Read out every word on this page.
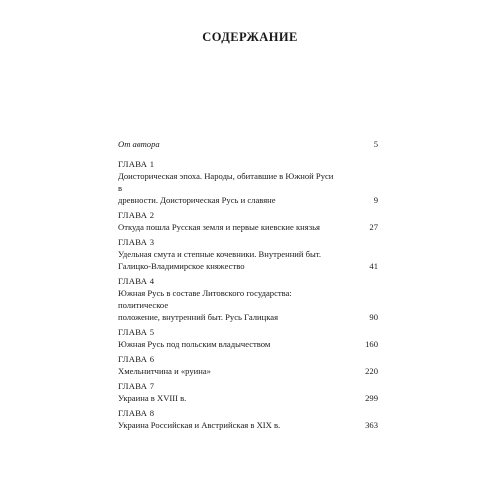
СОДЕРЖАНИЕ
От автора	5
ГЛАВА 1
Доисторическая эпоха. Народы, обитавшие в Южной Руси в
древности. Доисторическая Русь и славяне	9
ГЛАВА 2
Откуда пошла Русская земля и первые киевские князья	27
ГЛАВА 3
Удельная смута и степные кочевники. Внутренний быт.
Галицко-Владимирское княжество	41
ГЛАВА 4
Южная Русь в составе Литовского государства: политическое
положение, внутренний быт. Русь Галицкая	90
ГЛАВА 5
Южная Русь под польским владычеством	160
ГЛАВА 6
Хмельнитчина и «руина»	220
ГЛАВА 7
Украина в XVIII в.	299
ГЛАВА 8
Украина Российская и Австрийская в XIX в.	363
